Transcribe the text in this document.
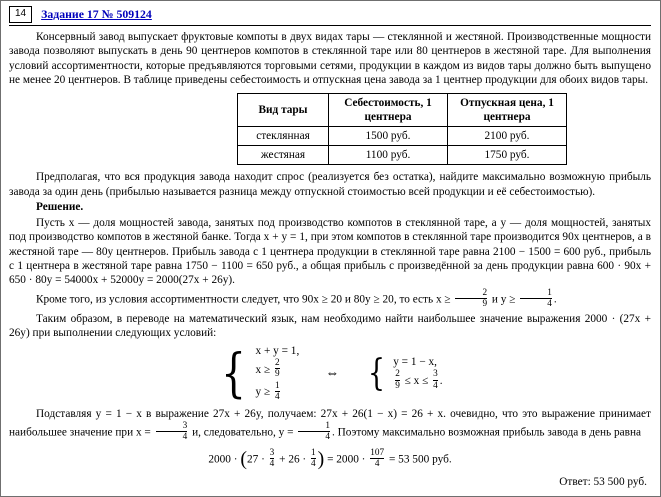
14	Задание 17 № 509124

Консервный завод выпускает фруктовые компоты в двух видах тары — стеклянной и жестяной. Производственные мощности завода позволяют выпускать в день 90 центнеров компотов в стеклянной таре или 80 центнеров в жестяной таре. Для выполнения условий ассортиментности, которые предъявляются торговыми сетями, продукции в каждом из видов тары должно быть выпущено не менее 20 центнеров. В таблице приведены себестоимость и отпускная цена завода за 1 центнер продукции для обоих видов тары.

Вид тары	Себестоимость, 1 центнера	Отпускная цена, 1 центнера
стеклянная	1500 руб.	2100 руб.
жестяная	1100 руб.	1750 руб.

Предполагая, что вся продукция завода находит спрос (реализуется без остатка), найдите максимально возможную прибыль завода за один день (прибылью называется разница между отпускной стоимостью всей продукции и её себестоимостью).

Решение.

Пусть x — доля мощностей завода, занятых под производство компотов в стеклянной таре, а y — доля мощностей, занятых под производство компотов в жестяной банке. Тогда x + y = 1, при этом компотов в стеклянной таре производится 90x центнеров, а в жестяной таре — 80y центнеров. Прибыль завода с 1 центнера продукции в стеклянной таре равна 2100 − 1500 = 600 руб., прибыль с 1 центнера в жестяной таре равна 1750 − 1100 = 650 руб., а общая прибыль с произведённой за день продукции равна 600 · 90x + 650 · 80y = 54000x + 52000y = 2000(27x + 26y).

Кроме того, из условия ассортиментности следует, что 90x ≥ 20 и 80y ≥ 20, то есть $x \ge \frac{2}{9}$ и $y \ge \frac{1}{4}$ .

Таким образом, в переводе на математический язык, нам необходимо найти наибольшее значение выражения 2000 · (27x + 26y) при выполнении следующих условий:

{ x + y = 1,
$x \ge \frac{2}{9}$
$y \ge \frac{1}{4}$
⇔ { y = 1 − x,
$\frac{2}{9} \le x \le \frac{3}{4}$ .

Подставляя y = 1 − x в выражение 27x + 26y, получаем: 27x + 26(1 − x) = 26 + x. очевидно, что это выражение принимает наибольшее значение при $x = \frac{3}{4} и$, следовательно, $y = \frac{1}{4}$ . Поэтому максимально возможная прибыль завода в день равна

$2000 \cdot (27 \cdot \frac{3}{4} + 26 \cdot \frac{1}{4}$ ) = $2000 \cdot \frac{107}{4} = 53$ 500 руб.
Ответ: 53 500 руб.
